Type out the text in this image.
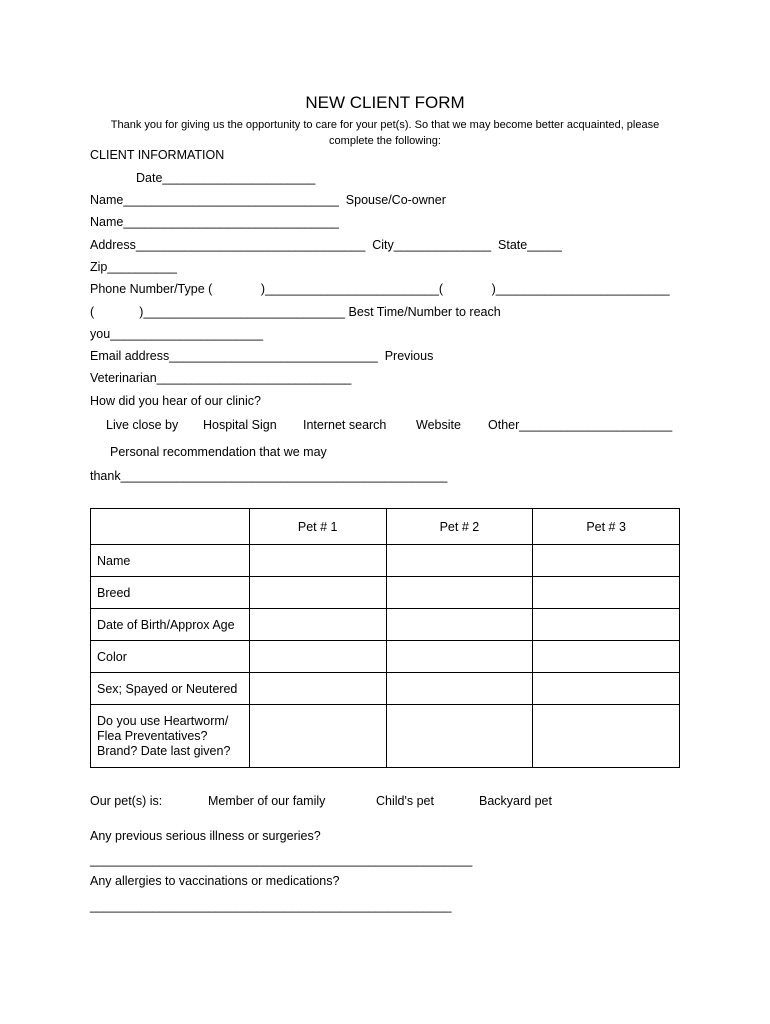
NEW CLIENT FORM
Thank you for giving us the opportunity to care for your pet(s). So that we may become better acquainted, please
complete the following:
CLIENT INFORMATION
Date______________________
Name_______________________________  Spouse/Co-owner
Name_______________________________
Address_________________________________  City______________  State_____
Zip__________
Phone Number/Type (              )_________________________(              )_________________________
(             )_____________________________ Best Time/Number to reach
you______________________
Email address______________________________  Previous
Veterinarian____________________________
How did you hear of our clinic?
Live close by Hospital Sign Internet search Website Other______________________
Personal recommendation that we may
thank_______________________________________________
	Pet # 1	Pet # 2	Pet # 3
Name			
Breed			
Date of Birth/Approx Age			
Color			
Sex; Spayed or Neutered			
Do you use Heartworm/
Flea Preventatives?
Brand? Date last given?			
Our pet(s) is:	Member of our family	Child's pet	Backyard pet
Any previous serious illness or surgeries?
_______________________________________________________
Any allergies to vaccinations or medications?
____________________________________________________
